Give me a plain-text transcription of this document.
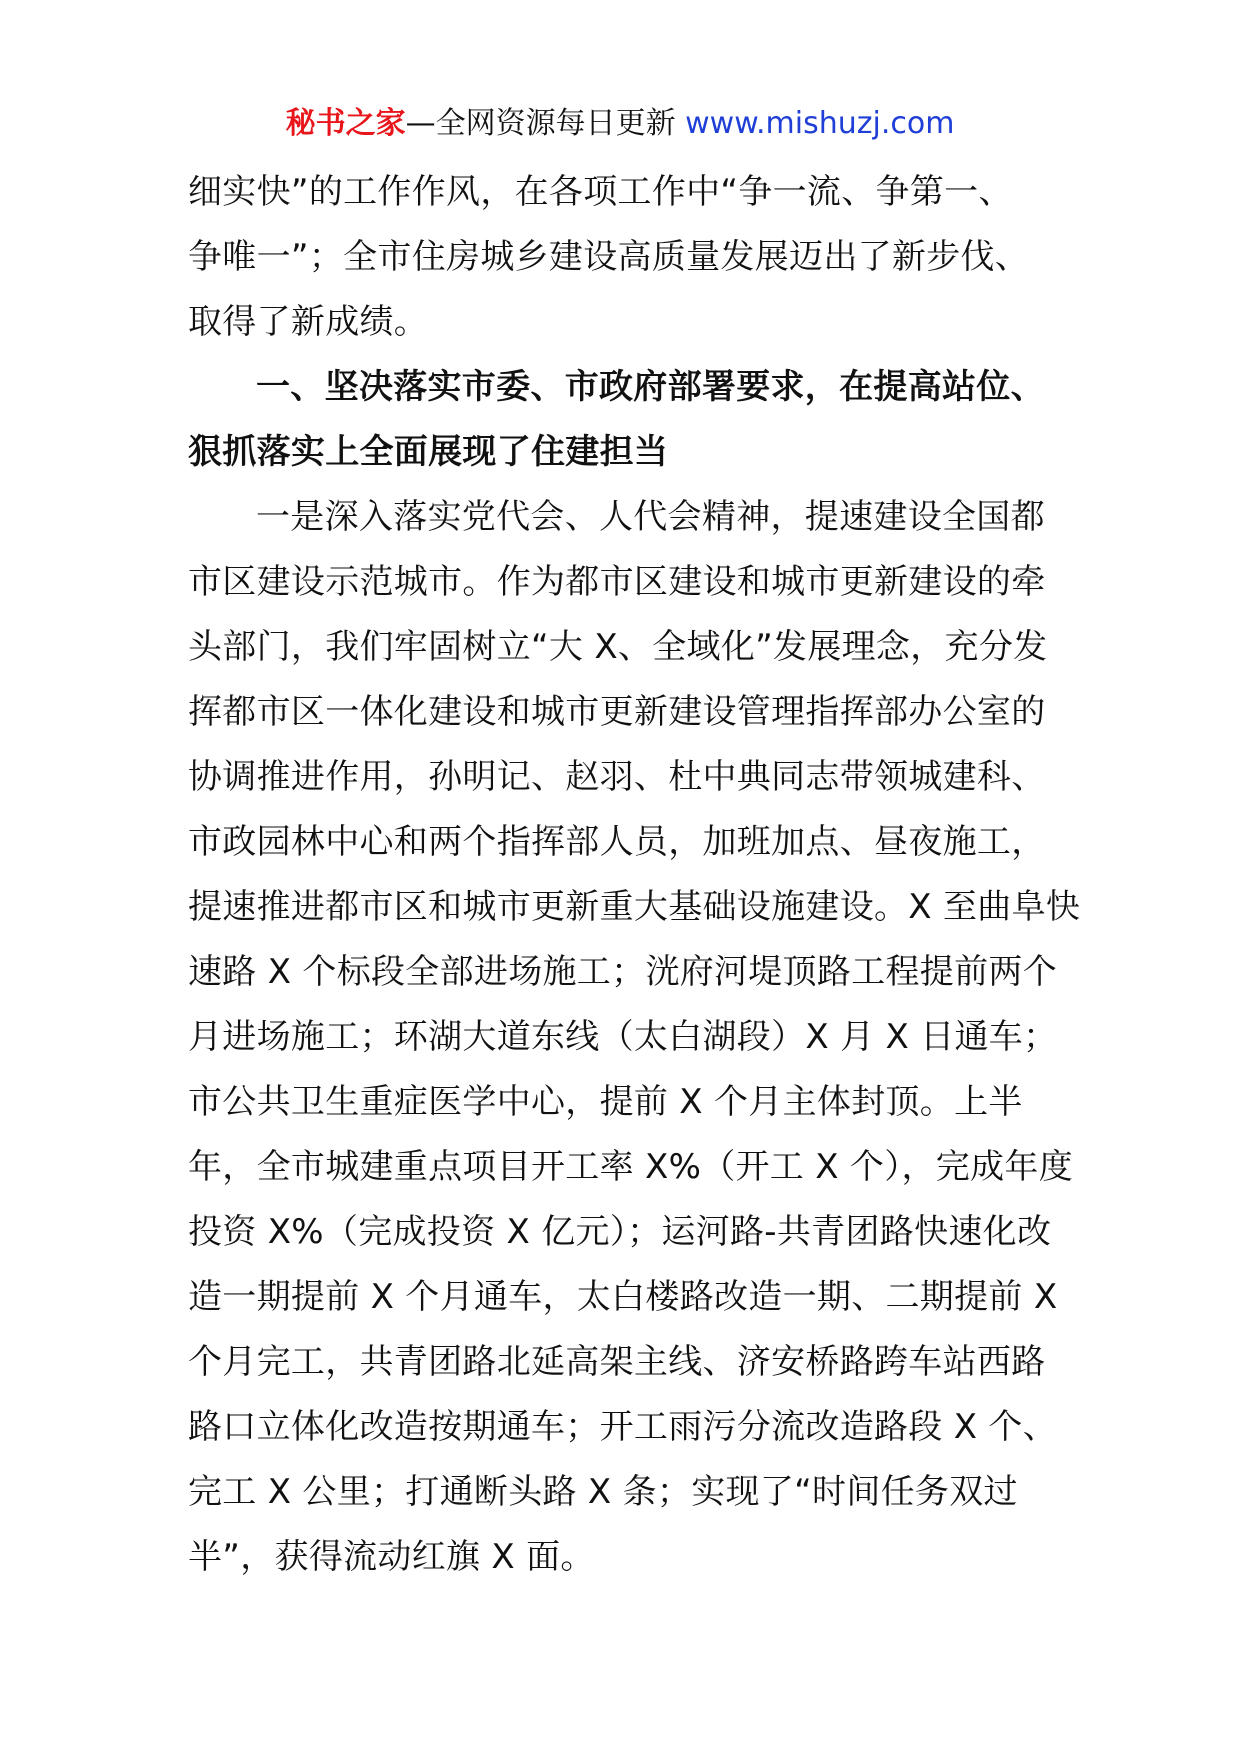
秘书之家—全网资源每日更新 www.mishuzj.com
细实快”的工作作风，在各项工作中“争一流、争第一、
争唯一”；全市住房城乡建设高质量发展迈出了新步伐、
取得了新成绩。
一、坚决落实市委、市政府部署要求，在提高站位、
狠抓落实上全面展现了住建担当
一是深入落实党代会、人代会精神，提速建设全国都
市区建设示范城市。作为都市区建设和城市更新建设的牵
头部门，我们牢固树立“大 X、全域化”发展理念，充分发
挥都市区一体化建设和城市更新建设管理指挥部办公室的
协调推进作用，孙明记、赵羽、杜中典同志带领城建科、
市政园林中心和两个指挥部人员，加班加点、昼夜施工，
提速推进都市区和城市更新重大基础设施建设。X 至曲阜快
速路 X 个标段全部进场施工；洸府河堤顶路工程提前两个
月进场施工；环湖大道东线（太白湖段）X 月 X 日通车；
市公共卫生重症医学中心，提前 X 个月主体封顶。上半
年，全市城建重点项目开工率 X%（开工 X 个），完成年度
投资 X%（完成投资 X 亿元）；运河路-共青团路快速化改
造一期提前 X 个月通车，太白楼路改造一期、二期提前 X
个月完工，共青团路北延高架主线、济安桥路跨车站西路
路口立体化改造按期通车；开工雨污分流改造路段 X 个、
完工 X 公里；打通断头路 X 条；实现了“时间任务双过
半”，获得流动红旗 X 面。
